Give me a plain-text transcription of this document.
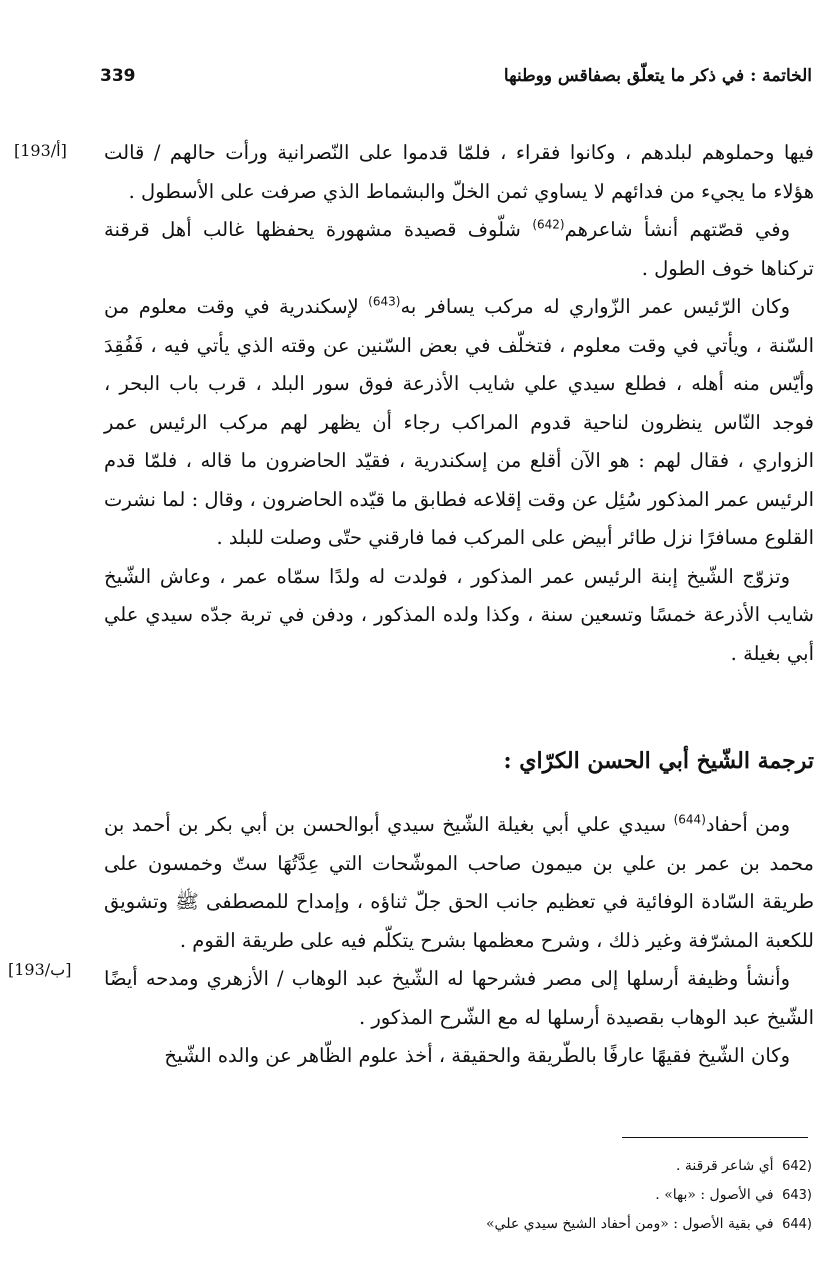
339	الخاتمة : في ذكر ما يتعلّق بصفاقس ووطنها
[193/أ]
[193/ب]

فيها وحملوهم لبلدهم ، وكانوا فقراء ، فلمّا قدموا على النّصرانية ورأت حالهم / قالت هؤلاء ما يجيء من فدائهم لا يساوي ثمن الخلّ والبشماط الذي صرفت على الأسطول .

وفي قصّتهم أنشأ شاعرهم$^{(642)}$ شلّوف قصيدة مشهورة يحفظها غالب أهل قرقنة تركناها خوف الطول .

وكان الرّئيس عمر الزّواري له مركب يسافر به$^{(643)}$ لإسكندرية في وقت معلوم من السّنة ، ويأتي في وقت معلوم ، فتخلّف في بعض السّنين عن وقته الذي يأتي فيه ، فَفُقِدَ وأيّس منه أهله ، فطلع سيدي علي شايب الأذرعة فوق سور البلد ، قرب باب البحر ، فوجد النّاس ينظرون لناحية قدوم المراكب رجاء أن يظهر لهم مركب الرئيس عمر الزواري ، فقال لهم : هو الآن أقلع من إسكندرية ، فقيّد الحاضرون ما قاله ، فلمّا قدم الرئيس عمر المذكور سُئِل عن وقت إقلاعه فطابق ما قيّده الحاضرون ، وقال : لما نشرت القلوع مسافرًا نزل طائر أبيض على المركب فما فارقني حتّى وصلت للبلد .

وتزوّج الشّيخ إبنة الرئيس عمر المذكور ، فولدت له ولدًا سمّاه عمر ، وعاش الشّيخ شايب الأذرعة خمسًا وتسعين سنة ، وكذا ولده المذكور ، ودفن في تربة جدّه سيدي علي أبي بغيلة .

ترجمة الشّيخ أبي الحسن الكرّاي :

ومن أحفاد$^{(644)}$ سيدي علي أبي بغيلة الشّيخ سيدي أبوالحسن بن أبي بكر بن أحمد بن محمد بن عمر بن علي بن ميمون صاحب الموشّحات التي عِدَّتُهَا ستّ وخمسون على طريقة السّادة الوفائية في تعظيم جانب الحق جلّ ثناؤه ، وإمداح للمصطفى ﷺ وتشويق للكعبة المشرّفة وغير ذلك ، وشرح معظمها بشرح يتكلّم فيه على طريقة القوم .

وأنشأ وظيفة أرسلها إلى مصر فشرحها له الشّيخ عبد الوهاب / الأزهري ومدحه أيضًا الشّيخ عبد الوهاب بقصيدة أرسلها له مع الشّرح المذكور .

وكان الشّيخ فقيهًا عارفًا بالطّريقة والحقيقة ، أخذ علوم الظّاهر عن والده الشّيخ

(642 أي شاعر قرقنة .
(643 في الأصول : «بها» .
(644 في بقية الأصول : «ومن أحفاد الشيخ سيدي علي»
